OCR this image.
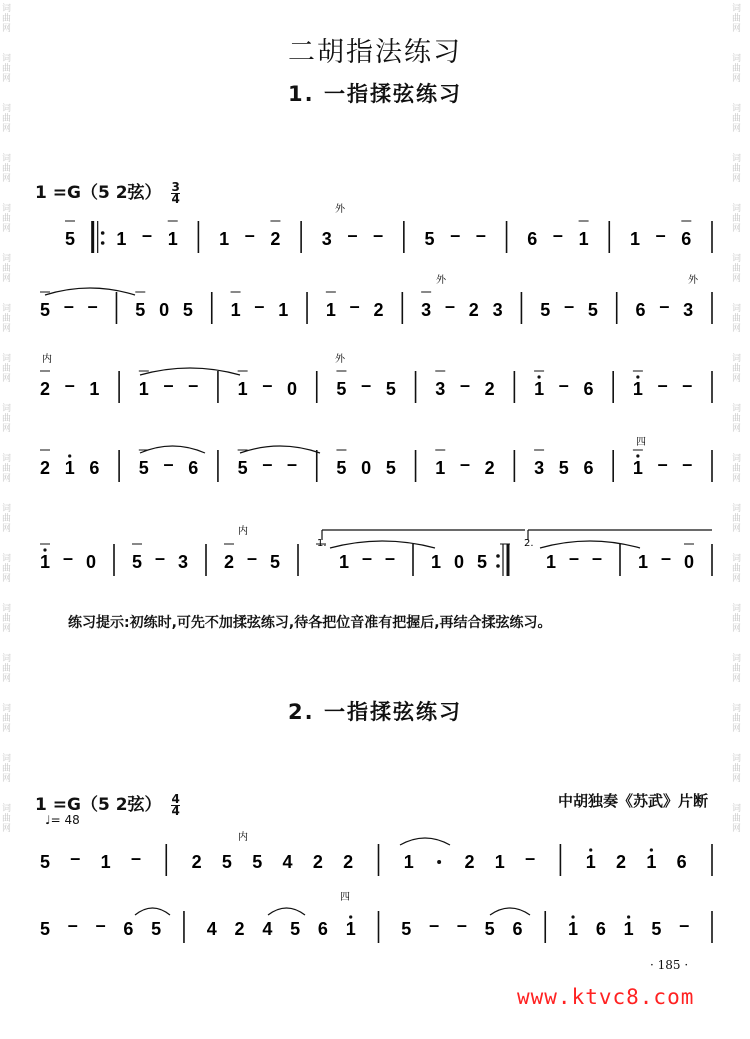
词
曲
网

词
曲
网

词
曲
网

词
曲
网

词
曲
网

词
曲
网

词
曲
网

词
曲
网

词
曲
网

词
曲
网

词
曲
网

词
曲
网

词
曲
网

词
曲
网

词
曲
网

词
曲
网

词
曲
网

词
曲
网

词
曲
网

词
曲
网

词
曲
网

词
曲
网

词
曲
网

词
曲
网

词
曲
网

词
曲
网

词
曲
网

词
曲
网

词
曲
网

词
曲
网

词
曲
网

词
曲
网

词
曲
网

词
曲
网

二胡指法练习
1. 一指揉弦练习
1 =G（5 2弦） $\frac{3}{4}$
练习提示:初练时,可先不加揉弦练习,待各把位音准有把握后,再结合揉弦练习。
2. 一指揉弦练习
1 =G（5 2弦） $\frac{4}{4}$
♩= 48
中胡独奏《苏武》片断
5 1 – 1 1 – 2 3 – – 5 – – 6 – 1 1 – 6
5 – – 5 0 5 1 – 1 1 – 2 3 – 2 3 5 – 5 6 – 3
2 – 1 1 – – 1 – 0 5 – 5 3 – 2 1 – 6 1 – –
2 1 6 5 – 6 5 – – 5 0 5 1 – 2 3 5 6 1 – –
1 – 0 5 – 3 2 – 5
1.
1 – – 1 0 5
2.
1 – – 1 – 0
外
外	外
内	外
内
四
5 – 1 –	2 5 5 4 2 2	1	2 1 –	1 2 1 6
5 – – 6 5	4 2 4 5 6 1	5 – – 5 6	1 6 1 5 –
内
四
· 185 ·
www.ktvc8.com
